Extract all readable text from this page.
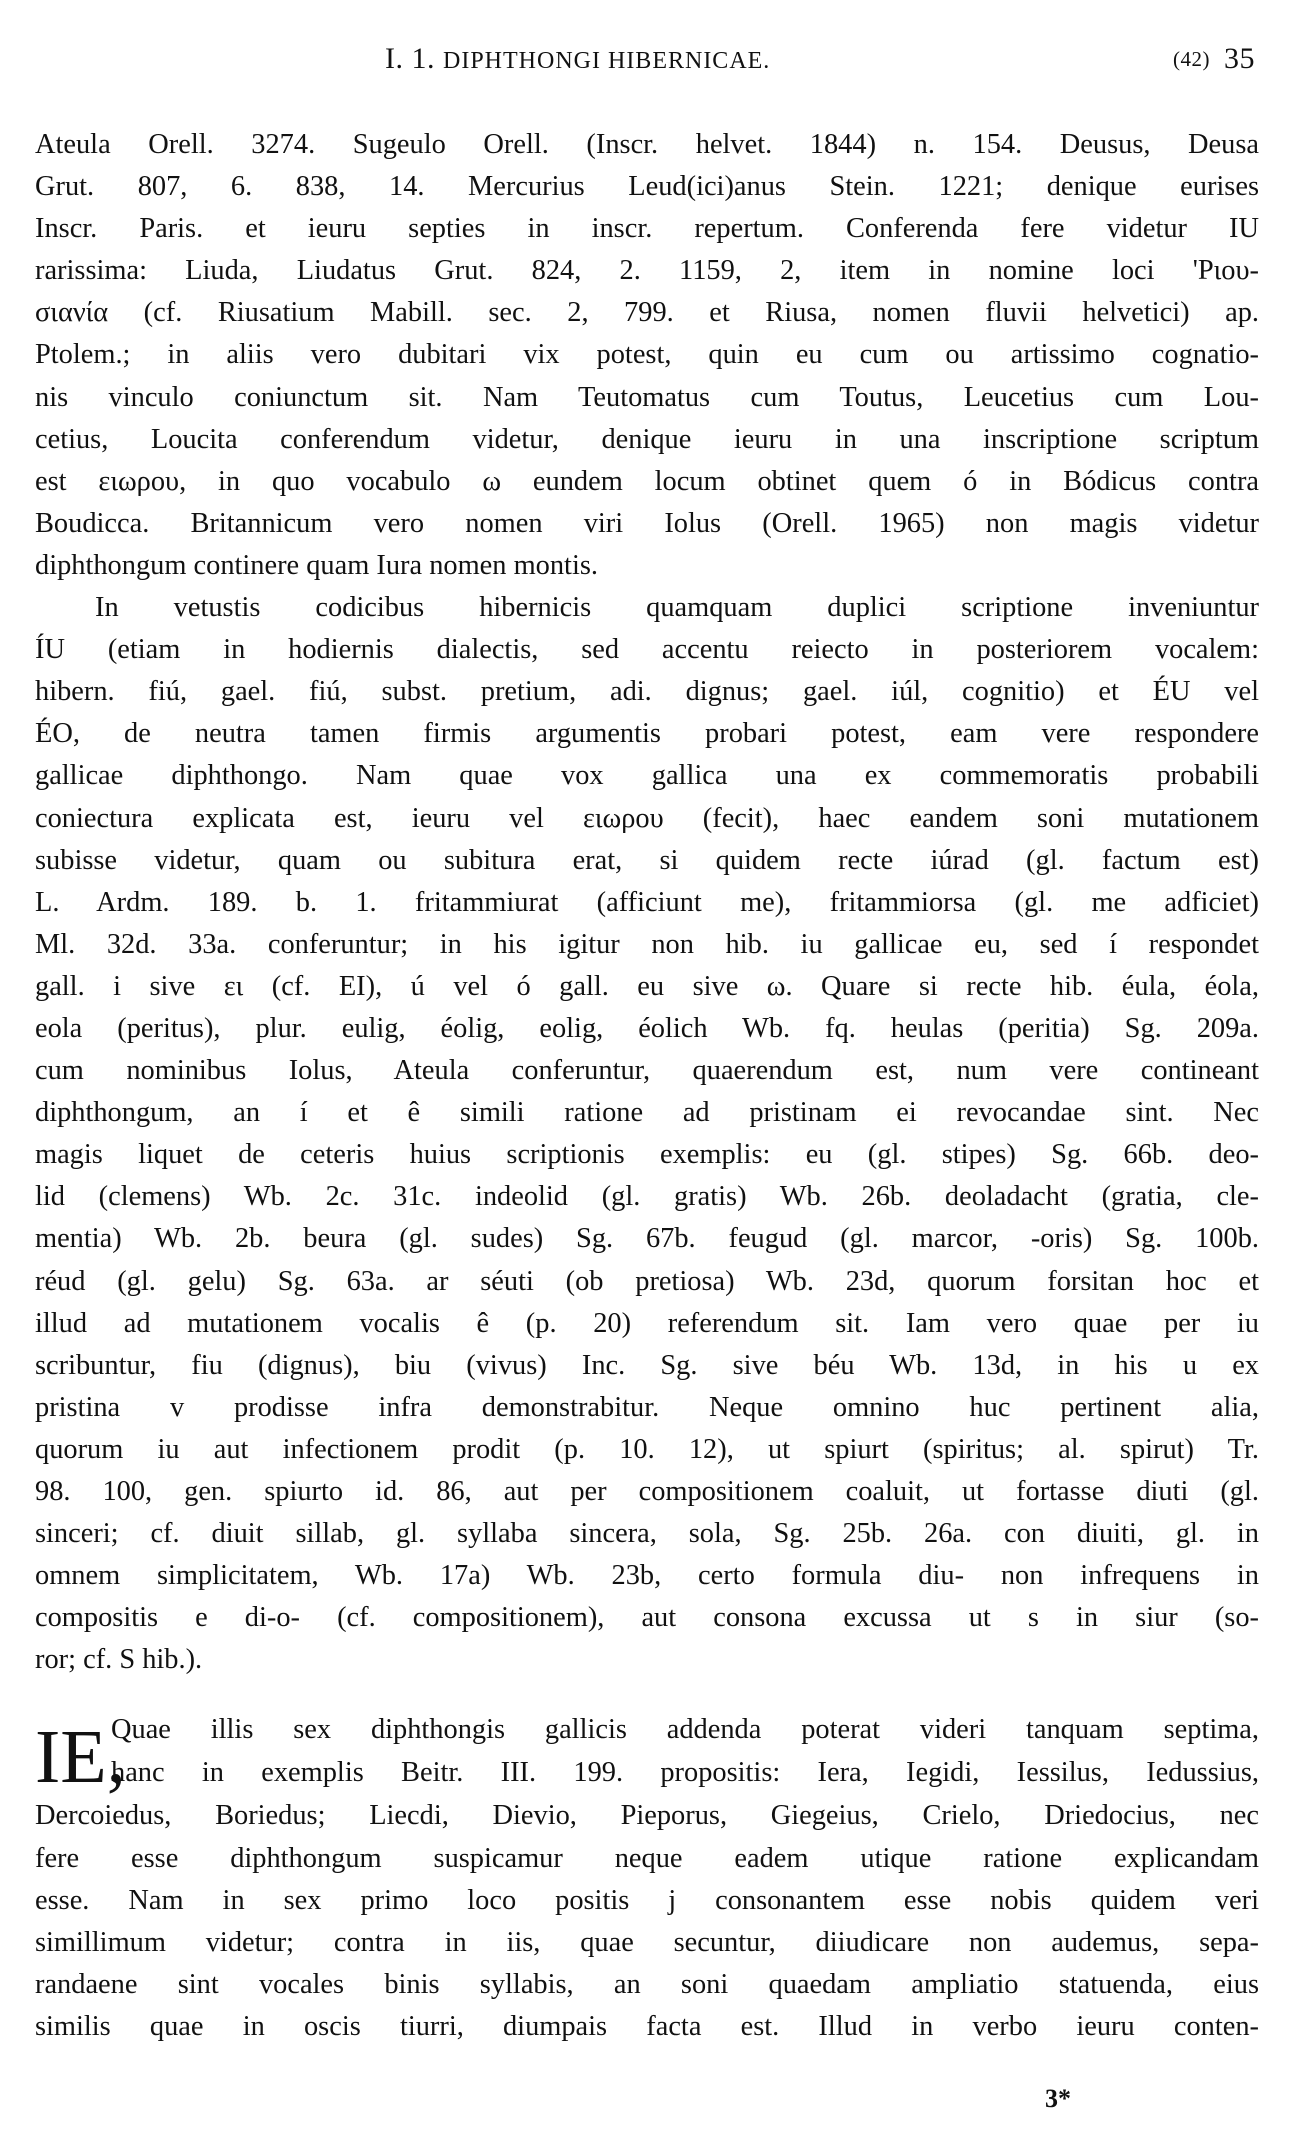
I. 1. DIPHTHONGI HIBERNICAE.	(42) 35

Ateula Orell. 3274. Sugeulo Orell. (Inscr. helvet. 1844) n. 154. Deusus, Deusa
Grut. 807, 6. 838, 14. Mercurius Leud(ici)anus Stein. 1221; denique eurises
Inscr. Paris. et ieuru septies in inscr. repertum. Conferenda fere videtur IU
rarissima: Liuda, Liudatus Grut. 824, 2. 1159, 2, item in nomine loci 'Ριου-
σιανία (cf. Riusatium Mabill. sec. 2, 799. et Riusa, nomen fluvii helvetici) ap.
Ptolem.; in aliis vero dubitari vix potest, quin eu cum ou artissimo cognatio-
nis vinculo coniunctum sit. Nam Teutomatus cum Toutus, Leucetius cum Lou-
cetius, Loucita conferendum videtur, denique ieuru in una inscriptione scriptum
est ειωρου, in quo vocabulo ω eundem locum obtinet quem ó in Bódicus contra
Boudicca. Britannicum vero nomen viri Iolus (Orell. 1965) non magis videtur
diphthongum continere quam Iura nomen montis.

In vetustis codicibus hibernicis quamquam duplici scriptione inveniuntur
ÍU (etiam in hodiernis dialectis, sed accentu reiecto in posteriorem vocalem:
hibern. fiú, gael. fiú, subst. pretium, adi. dignus; gael. iúl, cognitio) et ÉU vel
ÉO, de neutra tamen firmis argumentis probari potest, eam vere respondere
gallicae diphthongo. Nam quae vox gallica una ex commemoratis probabili
coniectura explicata est, ieuru vel ειωρου (fecit), haec eandem soni mutationem
subisse videtur, quam ou subitura erat, si quidem recte iúrad (gl. factum est)
L. Ardm. 189. b. 1. fritammiurat (afficiunt me), fritammiorsa (gl. me adficiet)
Ml. 32d. 33a. conferuntur; in his igitur non hib. iu gallicae eu, sed í respondet
gall. i sive ει (cf. EI), ú vel ó gall. eu sive ω. Quare si recte hib. éula, éola,
eola (peritus), plur. eulig, éolig, eolig, éolich Wb. fq. heulas (peritia) Sg. 209a.
cum nominibus Iolus, Ateula conferuntur, quaerendum est, num vere contineant
diphthongum, an í et ê simili ratione ad pristinam ei revocandae sint. Nec
magis liquet de ceteris huius scriptionis exemplis: eu (gl. stipes) Sg. 66b. deo-
lid (clemens) Wb. 2c. 31c. indeolid (gl. gratis) Wb. 26b. deoladacht (gratia, cle-
mentia) Wb. 2b. beura (gl. sudes) Sg. 67b. feugud (gl. marcor, -oris) Sg. 100b.
réud (gl. gelu) Sg. 63a. ar séuti (ob pretiosa) Wb. 23d, quorum forsitan hoc et
illud ad mutationem vocalis ê (p. 20) referendum sit. Iam vero quae per iu
scribuntur, fiu (dignus), biu (vivus) Inc. Sg. sive béu Wb. 13d, in his u ex
pristina v prodisse infra demonstrabitur. Neque omnino huc pertinent alia,
quorum iu aut infectionem prodit (p. 10. 12), ut spiurt (spiritus; al. spirut) Tr.
98. 100, gen. spiurto id. 86, aut per compositionem coaluit, ut fortasse diuti (gl.
sinceri; cf. diuit sillab, gl. syllaba sincera, sola, Sg. 25b. 26a. con diuiti, gl. in
omnem simplicitatem, Wb. 17a) Wb. 23b, certo formula diu- non infrequens in
compositis e di-o- (cf. compositionem), aut consona excussa ut s in siur (so-
ror; cf. S hib.).

IE,

Quae illis sex diphthongis gallicis addenda poterat videri tanquam septima,

hanc in exemplis Beitr. III. 199. propositis: Iera, Iegidi, Iessilus, Iedussius,

Dercoiedus, Boriedus; Liecdi, Dievio, Pieporus, Giegeius, Crielo, Driedocius, nec

fere esse diphthongum suspicamur neque eadem utique ratione explicandam

esse. Nam in sex primo loco positis j consonantem esse nobis quidem veri

simillimum videtur; contra in iis, quae secuntur, diiudicare non audemus, sepa-

randaene sint vocales binis syllabis, an soni quaedam ampliatio statuenda, eius

similis quae in oscis tiurri, diumpais facta est. Illud in verbo ieuru conten-

3*
